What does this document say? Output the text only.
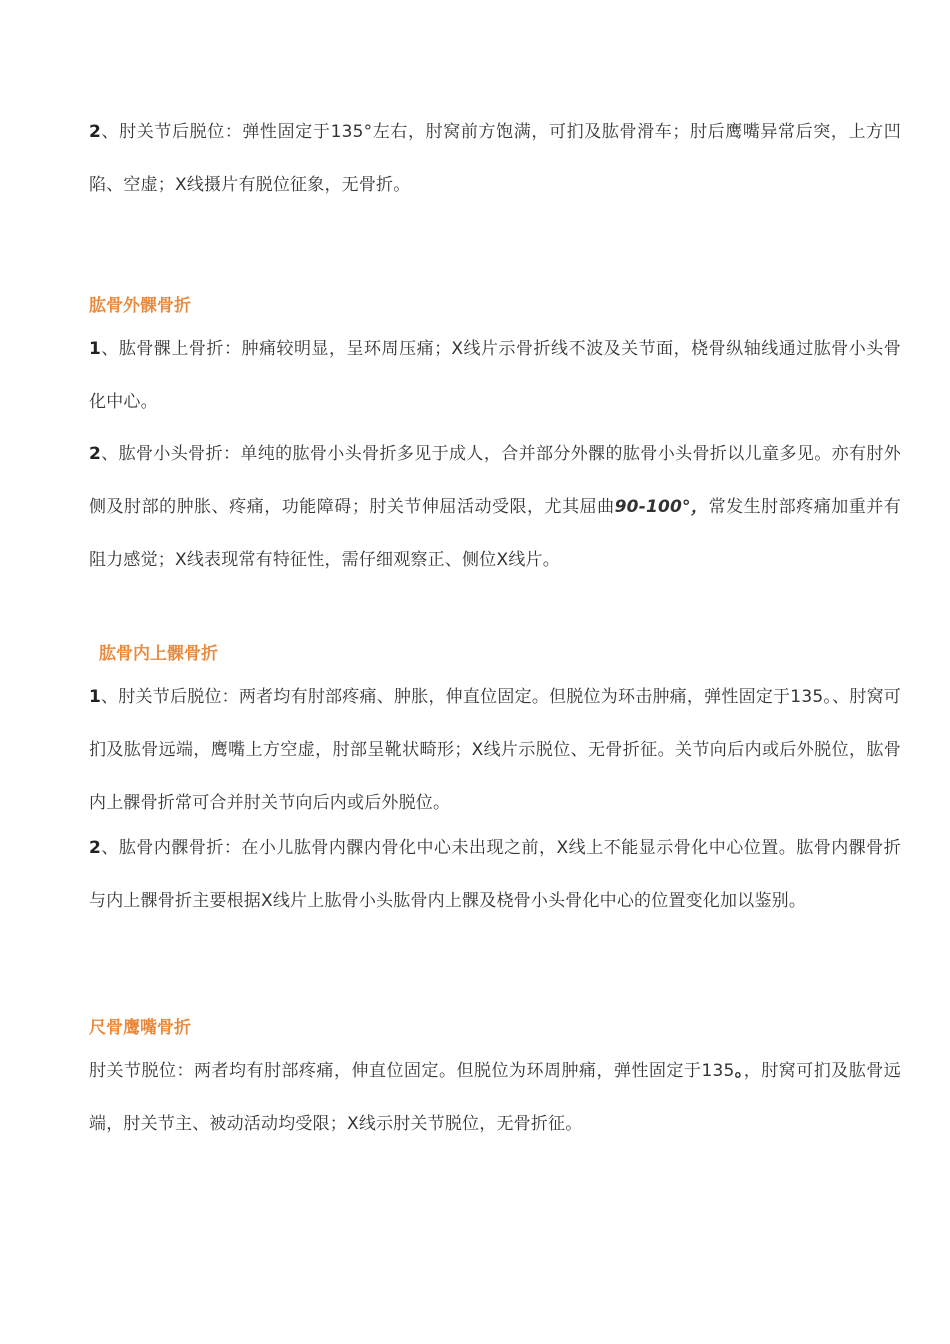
2、肘关节后脱位：弹性固定于135°左右，肘窝前方饱满，可扪及肱骨滑车；肘后鹰嘴异常后突，上方凹陷、空虚；X线摄片有脱位征象，无骨折。

肱骨外髁骨折

1、肱骨髁上骨折：肿痛较明显，呈环周压痛；X线片示骨折线不波及关节面，桡骨纵轴线通过肱骨小头骨化中心。

2、肱骨小头骨折：单纯的肱骨小头骨折多见于成人，合并部分外髁的肱骨小头骨折以儿童多见。亦有肘外侧及肘部的肿胀、疼痛，功能障碍；肘关节伸屈活动受限，尤其屈曲90-100°，常发生肘部疼痛加重并有阻力感觉；X线表现常有特征性，需仔细观察正、侧位X线片。

肱骨内上髁骨折

1、肘关节后脱位：两者均有肘部疼痛、肿胀，伸直位固定。但脱位为环击肿痛，弹性固定于135。、肘窝可扪及肱骨远端，鹰嘴上方空虚，肘部呈靴状畸形；X线片示脱位、无骨折征。关节向后内或后外脱位，肱骨内上髁骨折常可合并肘关节向后内或后外脱位。

2、肱骨内髁骨折：在小儿肱骨内髁内骨化中心未出现之前，X线上不能显示骨化中心位置。肱骨内髁骨折与内上髁骨折主要根据X线片上肱骨小头肱骨内上髁及桡骨小头骨化中心的位置变化加以鉴别。

尺骨鹰嘴骨折

肘关节脱位：两者均有肘部疼痛，伸直位固定。但脱位为环周肿痛，弹性固定于135。，肘窝可扪及肱骨远端，肘关节主、被动活动均受限；X线示肘关节脱位，无骨折征。
